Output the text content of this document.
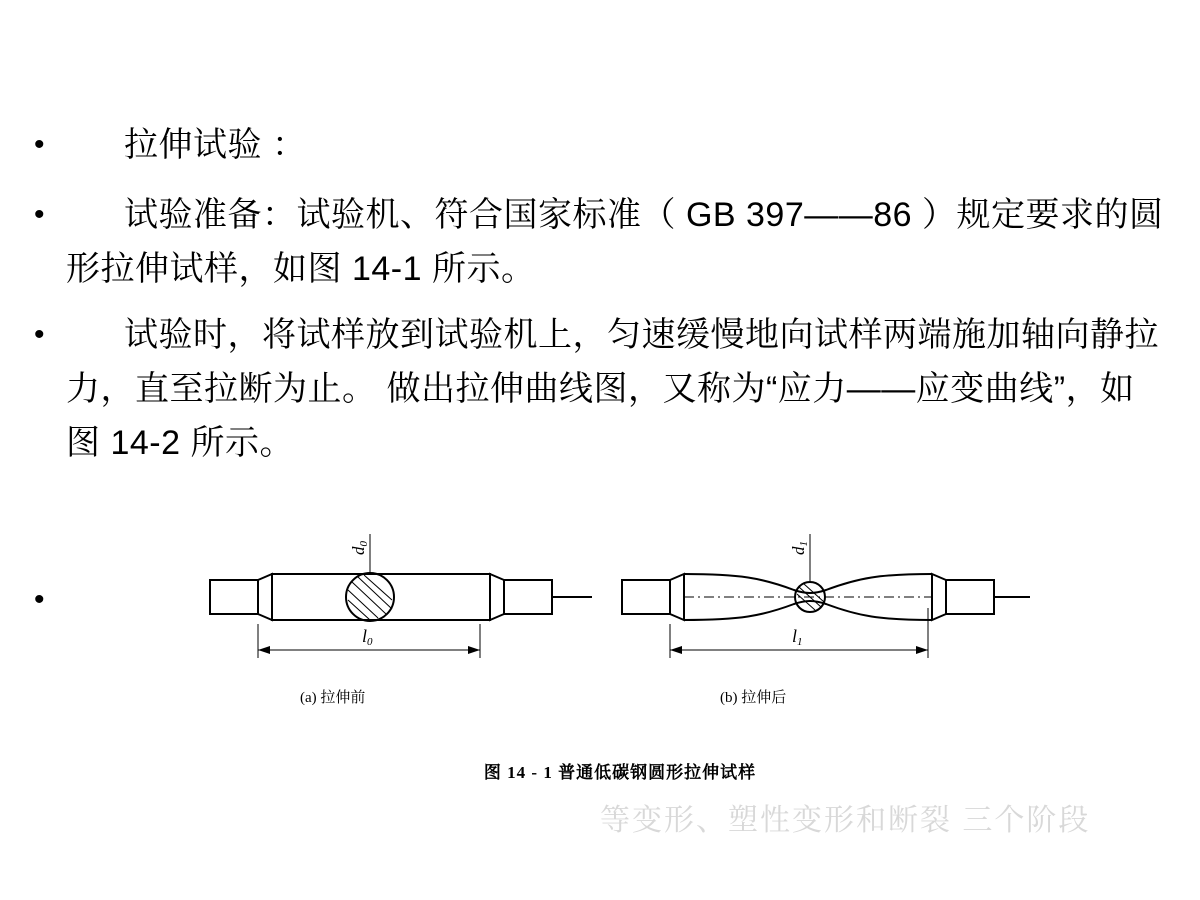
•	拉伸试验 ：
•	试验准备：试验机、符合国家标准（ GB 397——86 ）规定要求的圆形拉伸试样，如图 14-1 所示。
•	试验时，将试样放到试验机上，匀速缓慢地向试样两端施加轴向静拉力，直至拉断为止。 做出拉伸曲线图，又称为“应力——应变曲线”，如图 14-2 所示。
•
d0
d1
l0	l1
(a) 拉伸前	(b) 拉伸后
图 14 - 1 普通低碳钢圆形拉伸试样
等变形、塑性变形和断裂 三个阶段
